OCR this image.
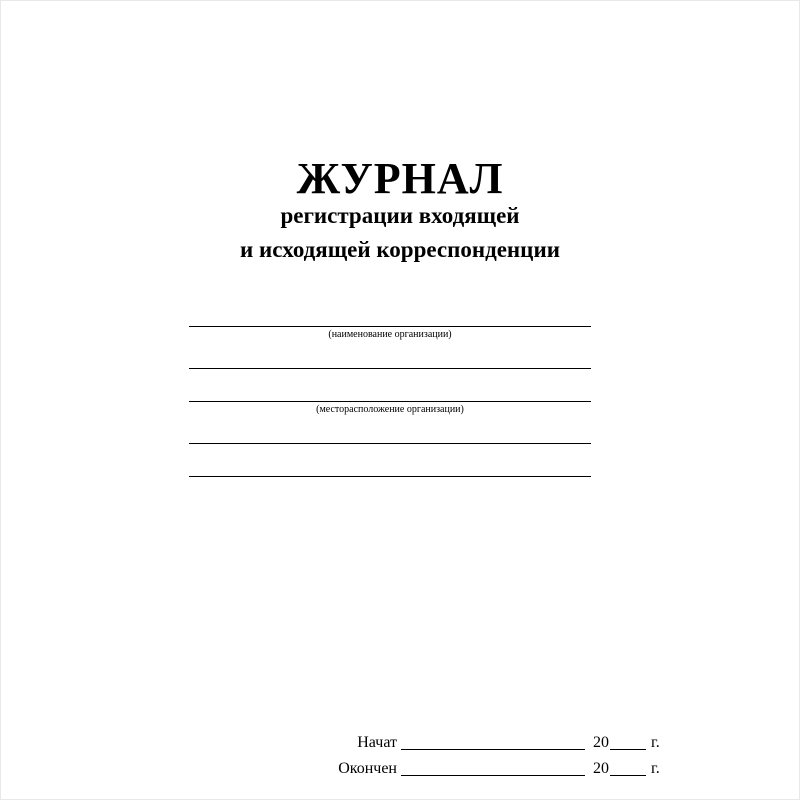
ЖУРНАЛ
регистрации входящей
и исходящей корреспонденции
(наименование организации)
(месторасположение организации)
Начат	20	г.
Окончен	20	г.
